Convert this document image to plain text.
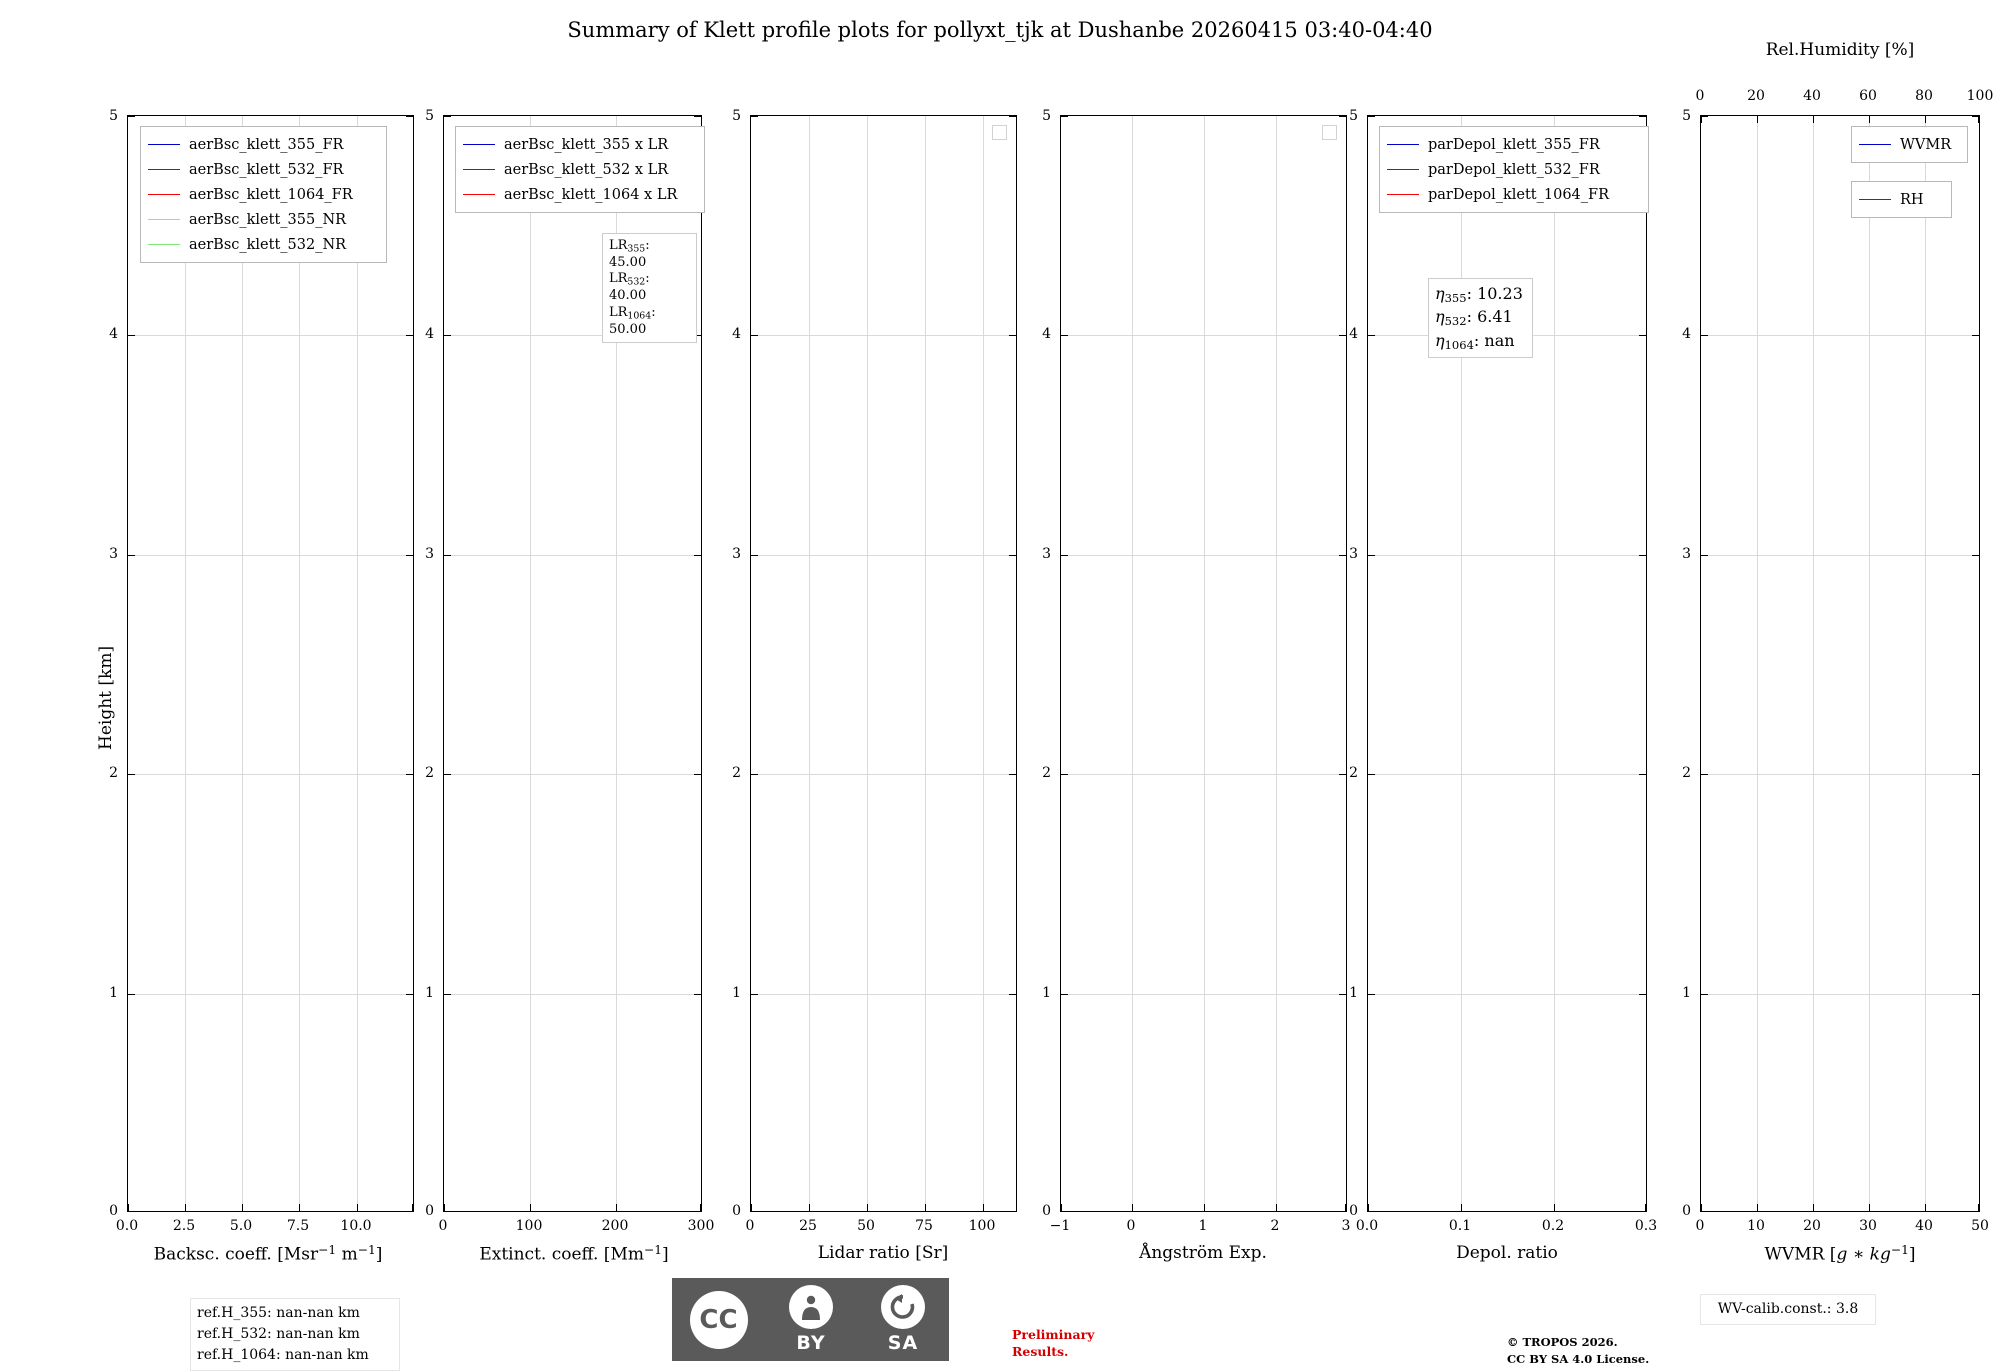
Summary of Klett profile plots for pollyxt_tjk at Dushanbe 20260415 03:40-04:40
Height [km]
5
4
3
2
1
0
0.0	2.5	5.0	7.5	10.0
Backsc. coeff. [Msr$^{-1}$ $m^{-1}$]
aerBsc_klett_355_FR
aerBsc_klett_532_FR
aerBsc_klett_1064_FR
aerBsc_klett_355_NR
aerBsc_klett_532_NR
5
4
3
2
1
0
0	100	200	300
Extinct. coeff. $[Mm^{-1}]$
aerBsc_klett_355 x LR
aerBsc_klett_532 x LR
aerBsc_klett_1064 x LR
$LR_{355}$: 45.00
$LR_{532}$: 40.00
$LR_{1064}$: 50.00
5
4
3
2
1
0
0	25	50	75	100
Lidar ratio [Sr]
5
4
3
2
1
0
−1	0	1	2	3
Ångström Exp.
5
4
3
2
1
0
0.0	0.1	0.2	0.3
Depol. ratio
parDepol_klett_355_FR
parDepol_klett_532_FR
parDepol_klett_1064_FR
$\eta_{355}$: 10.23
$\eta_{532}$: 6.41
$\eta_{1064}$: nan
5
4
3
2
1
0
0	10	20	30	40	50
WVMR [g ∗ $kg^{-1}$]
0	20	40	60	80	100
Rel.Humidity [%]
WVMR
RH
ref.H_355: nan-nan km
ref.H_532: nan-nan km
ref.H_1064: nan-nan km
WV-calib.const.: 3.8
CC
BY	SA	Preliminary
Results.
© TROPOS 2026.
CC BY SA 4.0 License.
